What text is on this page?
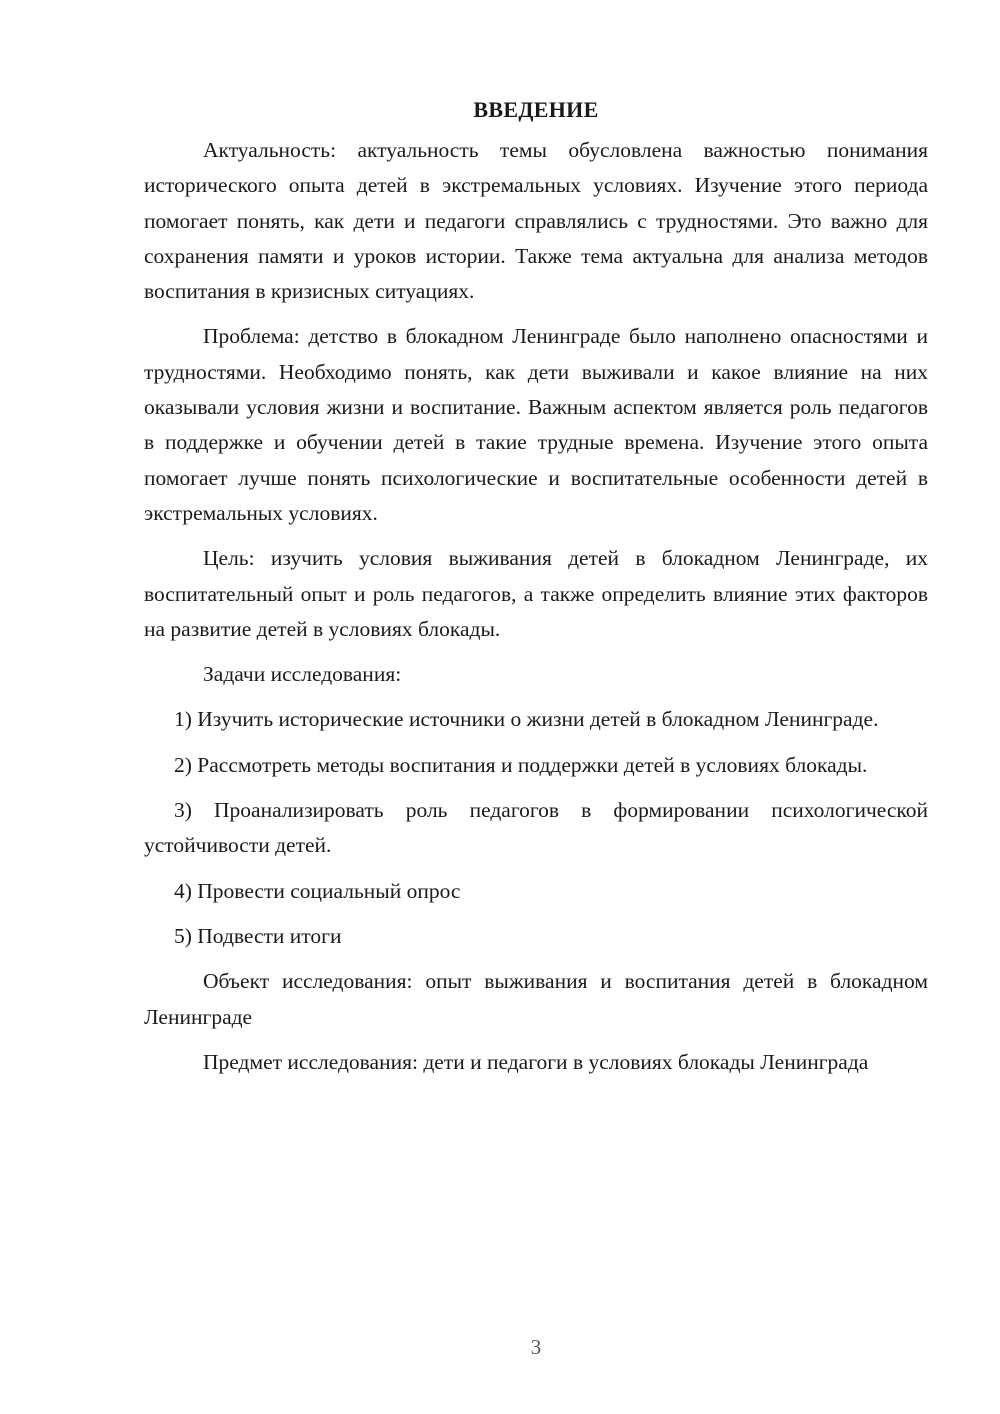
ВВЕДЕНИЕ

Актуальность: актуальность темы обусловлена важностью понимания исторического опыта детей в экстремальных условиях. Изучение этого периода помогает понять, как дети и педагоги справлялись с трудностями. Это важно для сохранения памяти и уроков истории. Также тема актуальна для анализа методов воспитания в кризисных ситуациях.

Проблема: детство в блокадном Ленинграде было наполнено опасностями и трудностями. Необходимо понять, как дети выживали и какое влияние на них оказывали условия жизни и воспитание. Важным аспектом является роль педагогов в поддержке и обучении детей в такие трудные времена. Изучение этого опыта помогает лучше понять психологические и воспитательные особенности детей в экстремальных условиях.

Цель: изучить условия выживания детей в блокадном Ленинграде, их воспитательный опыт и роль педагогов, а также определить влияние этих факторов на развитие детей в условиях блокады.

Задачи исследования:

1) Изучить исторические источники о жизни детей в блокадном Ленинграде.

2) Рассмотреть методы воспитания и поддержки детей в условиях блокады.

3) Проанализировать роль педагогов в формировании психологической устойчивости детей.

4) Провести социальный опрос

5) Подвести итоги

Объект исследования: опыт выживания и воспитания детей в блокадном Ленинграде

Предмет исследования: дети и педагоги в условиях блокады Ленинграда

3
